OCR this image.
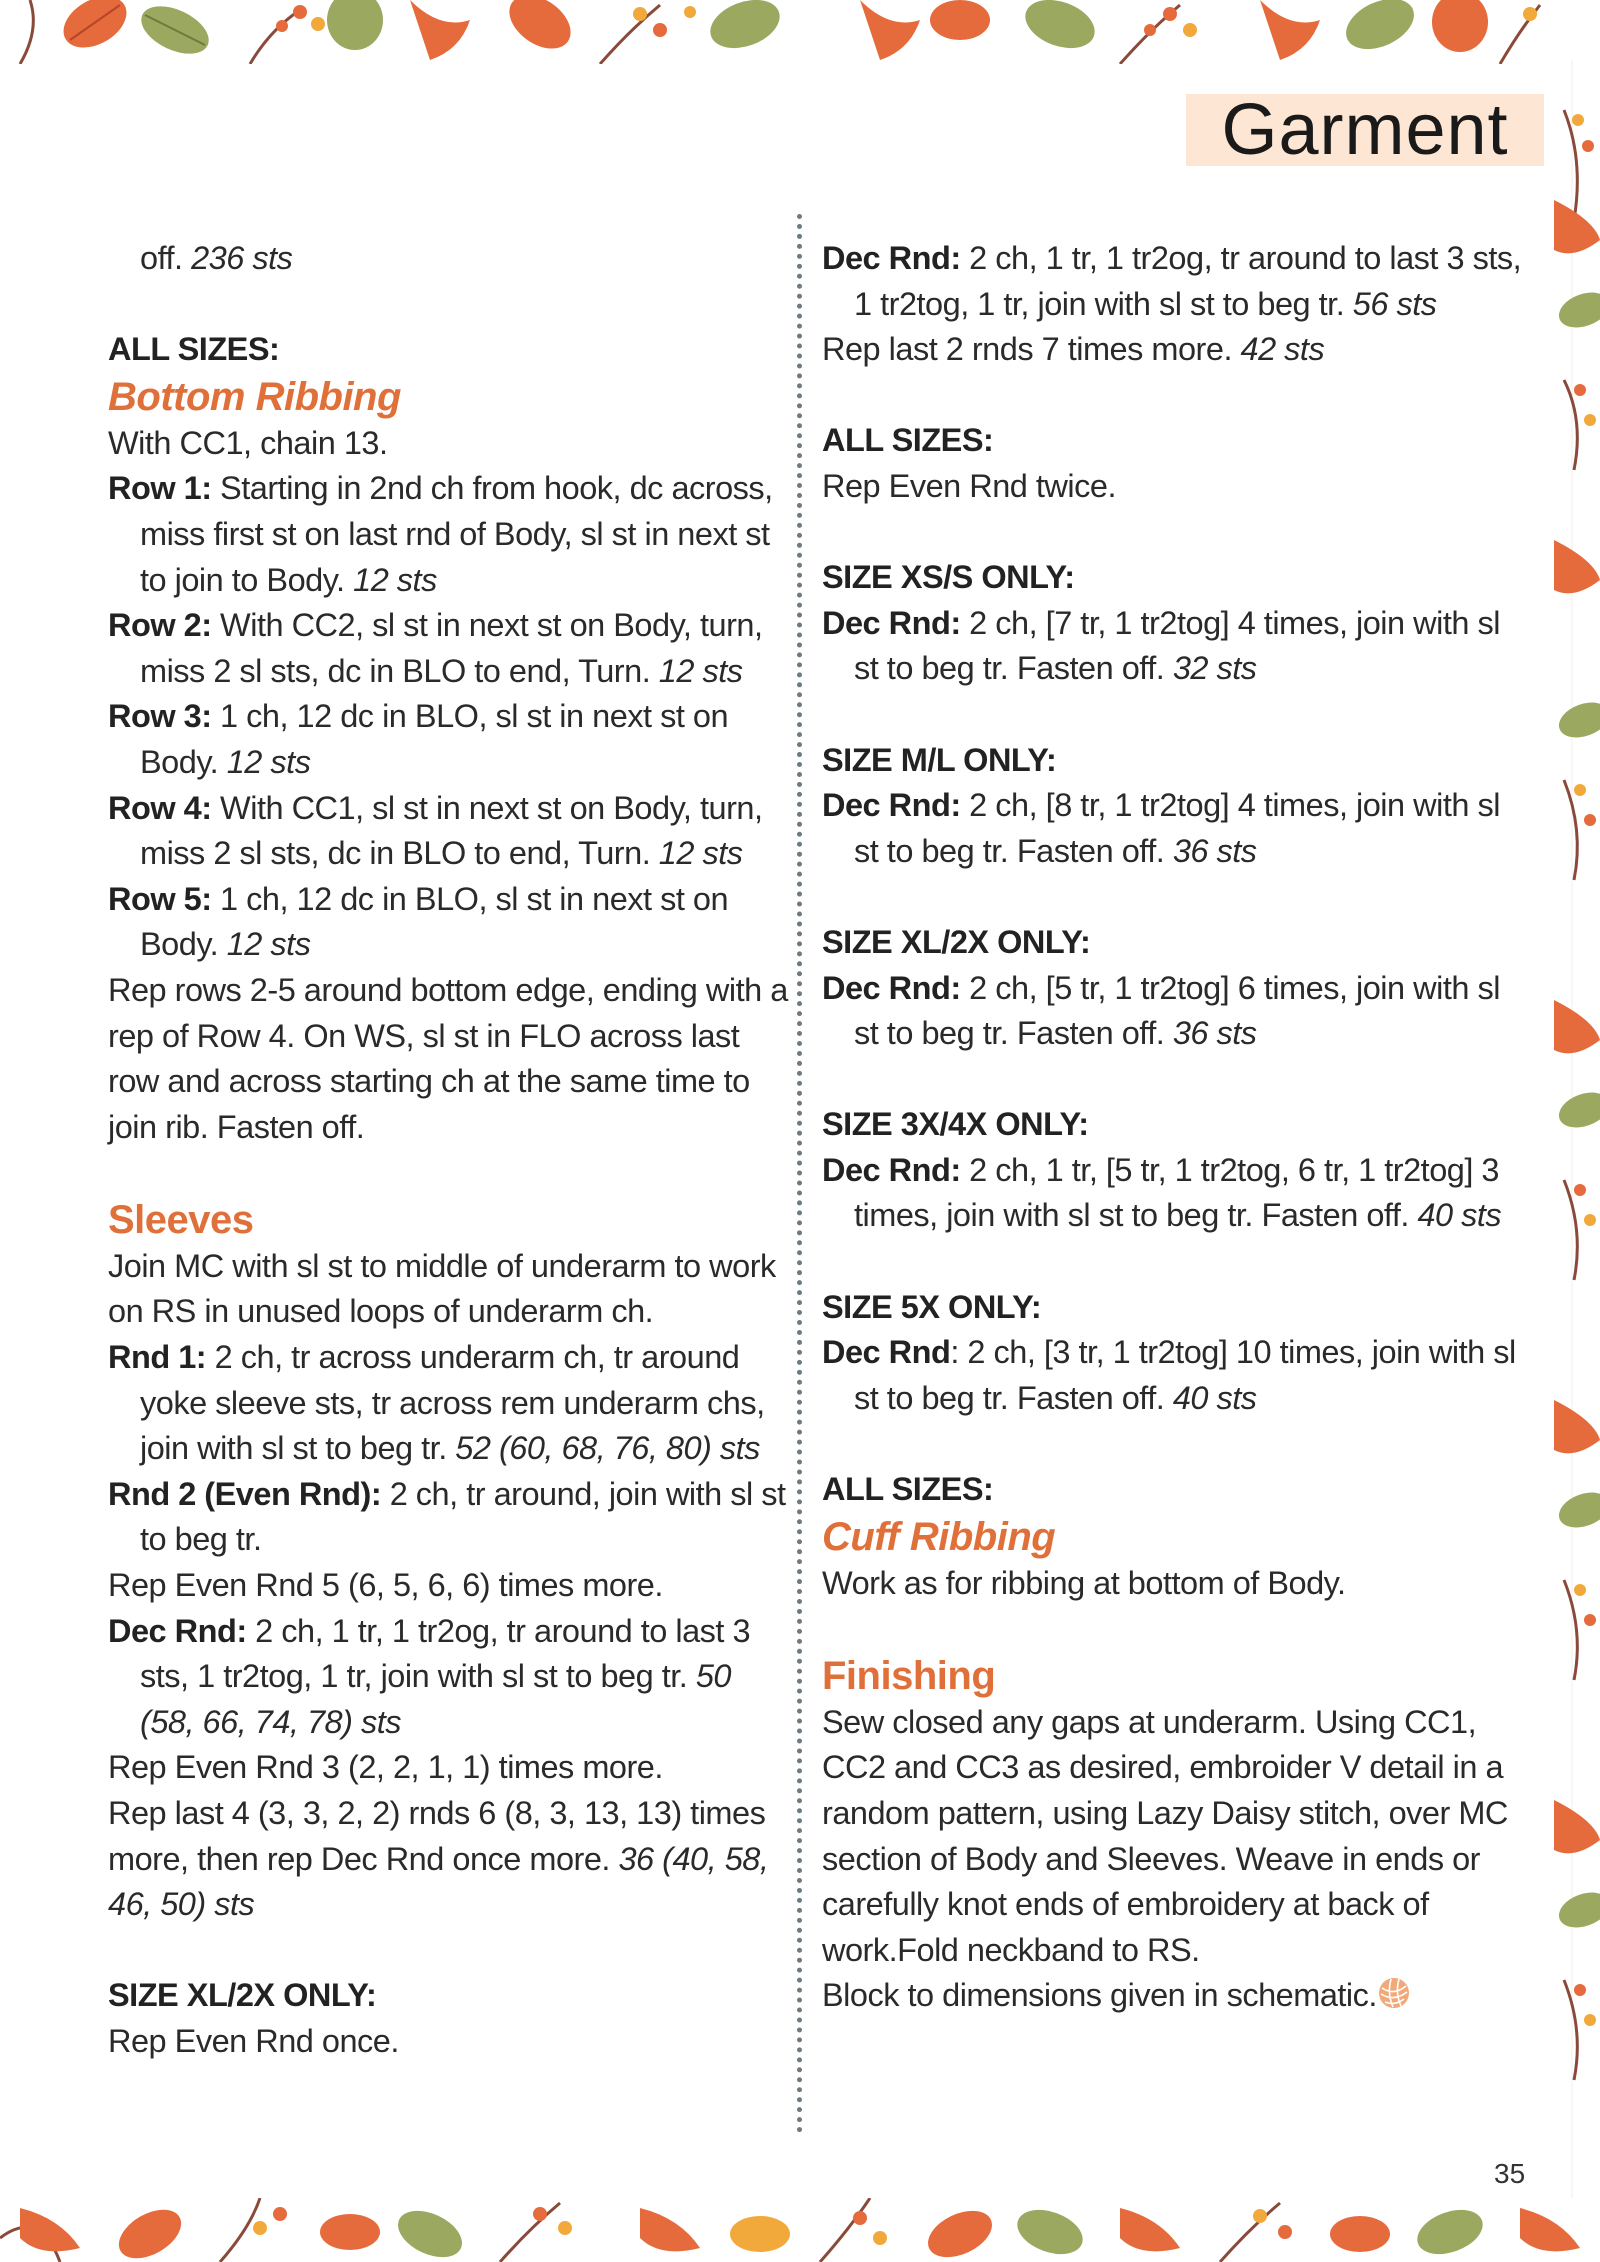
Garment

off. 236 sts

ALL SIZES:

Bottom Ribbing

With CC1, chain 13.

Row 1: Starting in 2nd ch from hook, dc across, miss first st on last rnd of Body, sl st in next st to join to Body. 12 sts

Row 2: With CC2, sl st in next st on Body, turn, miss 2 sl sts, dc in BLO to end, Turn. 12 sts

Row 3: 1 ch, 12 dc in BLO, sl st in next st on Body. 12 sts

Row 4: With CC1, sl st in next st on Body, turn, miss 2 sl sts, dc in BLO to end, Turn. 12 sts

Row 5: 1 ch, 12 dc in BLO, sl st in next st on Body. 12 sts

Rep rows 2-5 around bottom edge, ending with a rep of Row 4. On WS, sl st in FLO across last row and across starting ch at the same time to join rib. Fasten off.

Sleeves

Join MC with sl st to middle of underarm to work on RS in unused loops of underarm ch.

Rnd 1: 2 ch, tr across underarm ch, tr around yoke sleeve sts, tr across rem underarm chs, join with sl st to beg tr. 52 (60, 68, 76, 80) sts

Rnd 2 (Even Rnd): 2 ch, tr around, join with sl st to beg tr.

Rep Even Rnd 5 (6, 5, 6, 6) times more.

Dec Rnd: 2 ch, 1 tr, 1 tr2og, tr around to last 3 sts, 1 tr2tog, 1 tr, join with sl st to beg tr. 50 (58, 66, 74, 78) sts

Rep Even Rnd 3 (2, 2, 1, 1) times more.

Rep last 4 (3, 3, 2, 2) rnds 6 (8, 3, 13, 13) times more, then rep Dec Rnd once more. 36 (40, 58, 46, 50) sts

SIZE XL/2X ONLY:

Rep Even Rnd once.

Dec Rnd: 2 ch, 1 tr, 1 tr2og, tr around to last 3 sts, 1 tr2tog, 1 tr, join with sl st to beg tr. 56 sts

Rep last 2 rnds 7 times more. 42 sts

ALL SIZES:

Rep Even Rnd twice.

SIZE XS/S ONLY:

Dec Rnd: 2 ch, [7 tr, 1 tr2tog] 4 times, join with sl st to beg tr. Fasten off. 32 sts

SIZE M/L ONLY:

Dec Rnd: 2 ch, [8 tr, 1 tr2tog] 4 times, join with sl st to beg tr. Fasten off. 36 sts

SIZE XL/2X ONLY:

Dec Rnd: 2 ch, [5 tr, 1 tr2tog] 6 times, join with sl st to beg tr. Fasten off. 36 sts

SIZE 3X/4X ONLY:

Dec Rnd: 2 ch, 1 tr, [5 tr, 1 tr2tog, 6 tr, 1 tr2tog] 3 times, join with sl st to beg tr. Fasten off. 40 sts

SIZE 5X ONLY:

Dec Rnd: 2 ch, [3 tr, 1 tr2tog] 10 times, join with sl st to beg tr. Fasten off. 40 sts

ALL SIZES:

Cuff Ribbing

Work as for ribbing at bottom of Body.

Finishing

Sew closed any gaps at underarm. Using CC1, CC2 and CC3 as desired, embroider V detail in a random pattern, using Lazy Daisy stitch, over MC section of Body and Sleeves. Weave in ends or carefully knot ends of embroidery at back of work.Fold neckband to RS.

Block to dimensions given in schematic.

35
